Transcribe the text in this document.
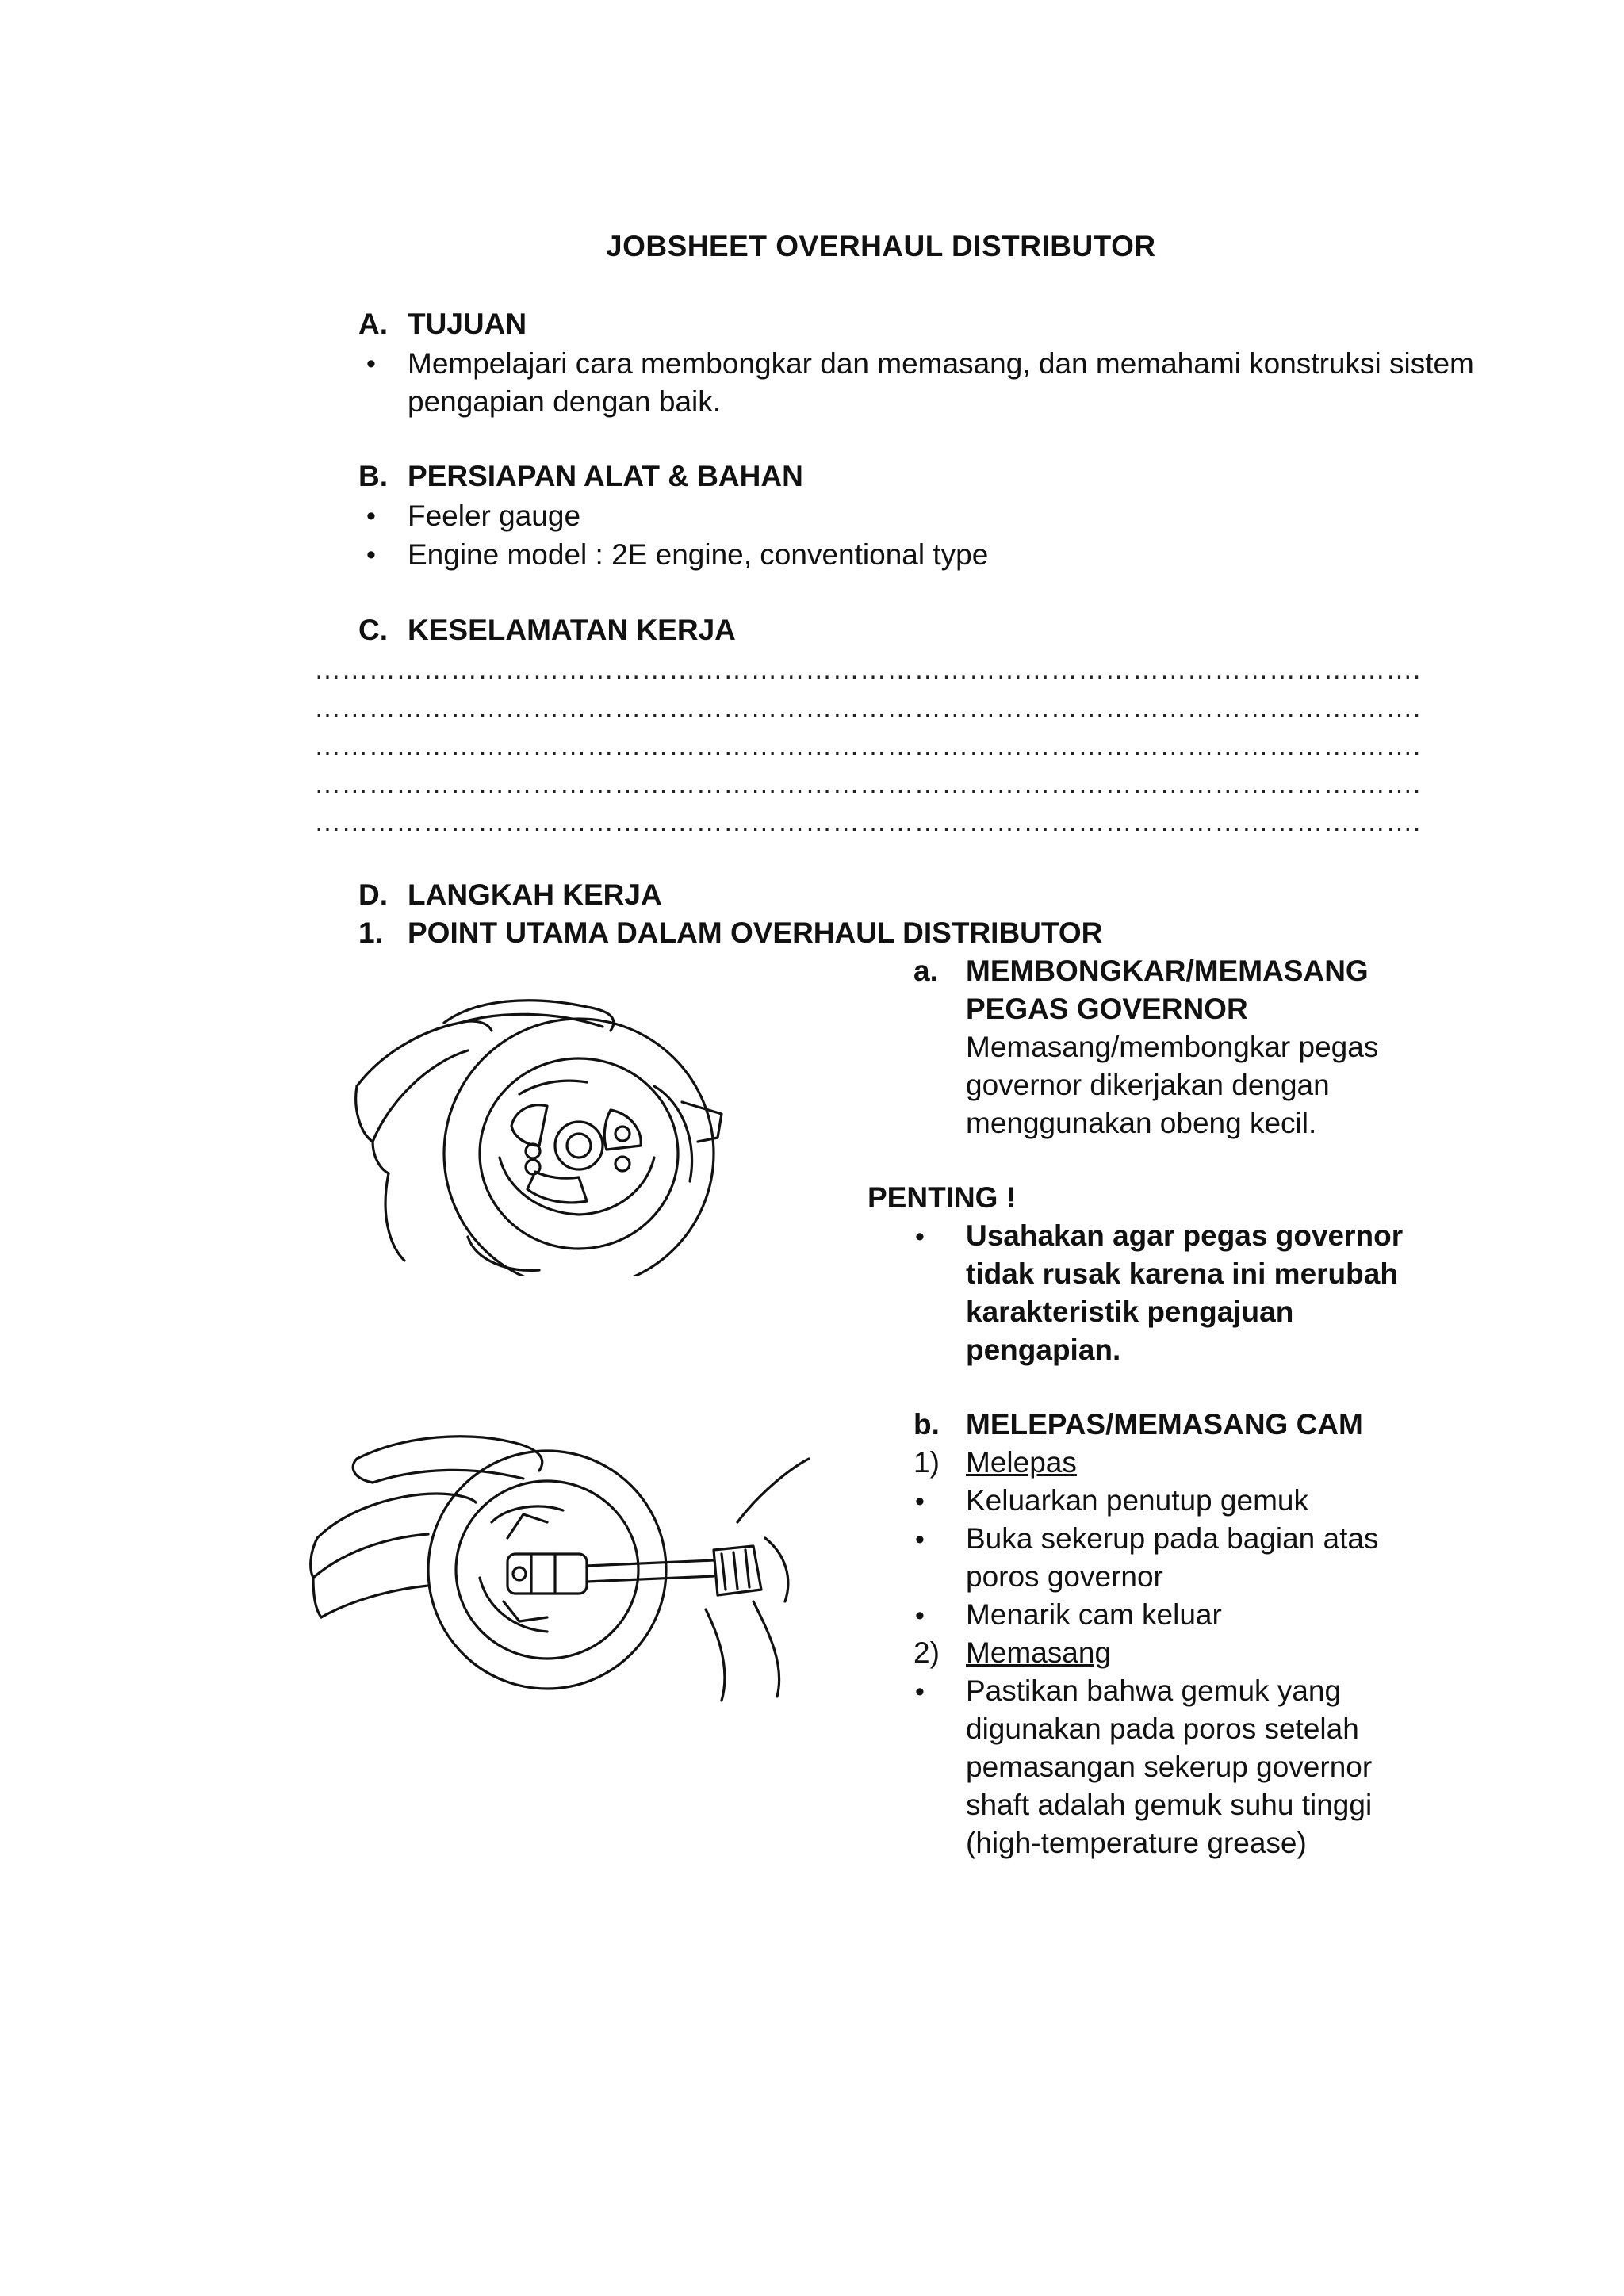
JOBSHEET OVERHAUL DISTRIBUTOR
A. TUJUAN
• Mempelajari cara membongkar dan memasang, dan memahami konstruksi sistem
pengapian dengan baik.
B. PERSIAPAN ALAT & BAHAN
• Feeler gauge
• Engine model : 2E engine, conventional type
C. KESELAMATAN KERJA
…………………………………………………………………………………………………….…….
…………………………………………………………………………………………………….…….
…………………………………………………………………………………………………….…….
…………………………………………………………………………………………………….…….
…………………………………………………………………………………………………….…….
D. LANGKAH KERJA
1. POINT UTAMA DALAM OVERHAUL DISTRIBUTOR
a. MEMBONGKAR/MEMASANG
PEGAS GOVERNOR
Memasang/membongkar pegas
governor dikerjakan dengan
menggunakan obeng kecil.
PENTING !
• Usahakan agar pegas governor
tidak rusak karena ini merubah
karakteristik pengajuan
pengapian.
b. MELEPAS/MEMASANG CAM
1) Melepas
• Keluarkan penutup gemuk
• Buka sekerup pada bagian atas
poros governor
• Menarik cam keluar
2) Memasang
• Pastikan bahwa gemuk yang
digunakan pada poros setelah
pemasangan sekerup governor
shaft adalah gemuk suhu tinggi
(high-temperature grease)
